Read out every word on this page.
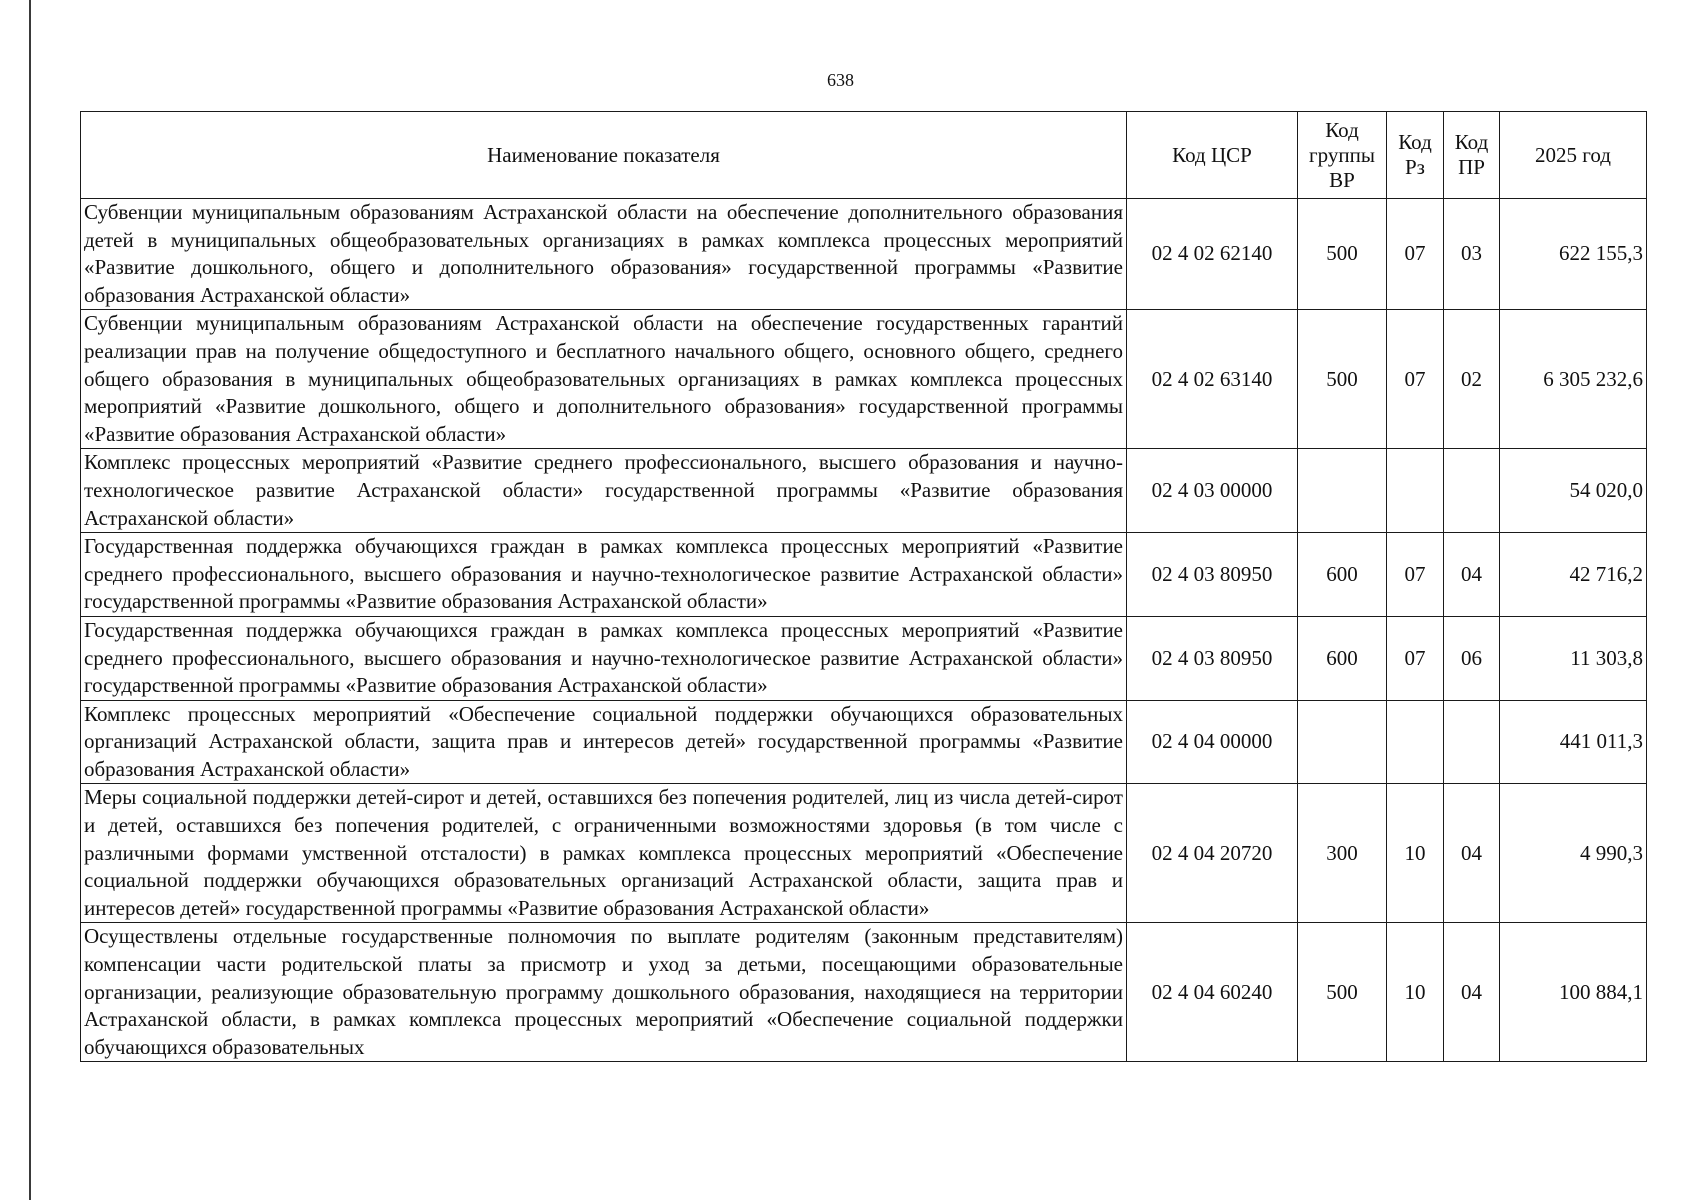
638
Наименование показателя	Код ЦСР	Код группы ВР	Код Рз	Код ПР	2025 год
Субвенции муниципальным образованиям Астраханской области на обеспечение дополнительного образования детей в муниципальных общеобразовательных организациях в рамках комплекса процессных мероприятий «Развитие дошкольного, общего и дополнительного образования» государственной программы «Развитие образования Астраханской области»	02 4 02 62140	500	07	03	622 155,3
Субвенции муниципальным образованиям Астраханской области на обеспечение государственных гарантий реализации прав на получение общедоступного и бесплатного начального общего, основного общего, среднего общего образования в муниципальных общеобразовательных организациях в рамках комплекса процессных мероприятий «Развитие дошкольного, общего и дополнительного образования» государственной программы «Развитие образования Астраханской области»	02 4 02 63140	500	07	02	6 305 232,6
Комплекс процессных мероприятий «Развитие среднего профессионального, высшего образования и научно-технологическое развитие Астраханской области» государственной программы «Развитие образования Астраханской области»	02 4 03 00000				54 020,0
Государственная поддержка обучающихся граждан в рамках комплекса процессных мероприятий «Развитие среднего профессионального, высшего образования и научно-технологическое развитие Астраханской области» государственной программы «Развитие образования Астраханской области»	02 4 03 80950	600	07	04	42 716,2
Государственная поддержка обучающихся граждан в рамках комплекса процессных мероприятий «Развитие среднего профессионального, высшего образования и научно-технологическое развитие Астраханской области» государственной программы «Развитие образования Астраханской области»	02 4 03 80950	600	07	06	11 303,8
Комплекс процессных мероприятий «Обеспечение социальной поддержки обучающихся образовательных организаций Астраханской области, защита прав и интересов детей» государственной программы «Развитие образования Астраханской области»	02 4 04 00000				441 011,3
Меры социальной поддержки детей-сирот и детей, оставшихся без попечения родителей, лиц из числа детей-сирот и детей, оставшихся без попечения родителей, с ограниченными возможностями здоровья (в том числе с различными формами умственной отсталости) в рамках комплекса процессных мероприятий «Обеспечение социальной поддержки обучающихся образовательных организаций Астраханской области, защита прав и интересов детей» государственной программы «Развитие образования Астраханской области»	02 4 04 20720	300	10	04	4 990,3
Осуществлены отдельные государственные полномочия по выплате родителям (законным представителям) компенсации части родительской платы за присмотр и уход за детьми, посещающими образовательные организации, реализующие образовательную программу дошкольного образования, находящиеся на территории Астраханской области, в рамках комплекса процессных мероприятий «Обеспечение социальной поддержки обучающихся образовательных	02 4 04 60240	500	10	04	100 884,1
